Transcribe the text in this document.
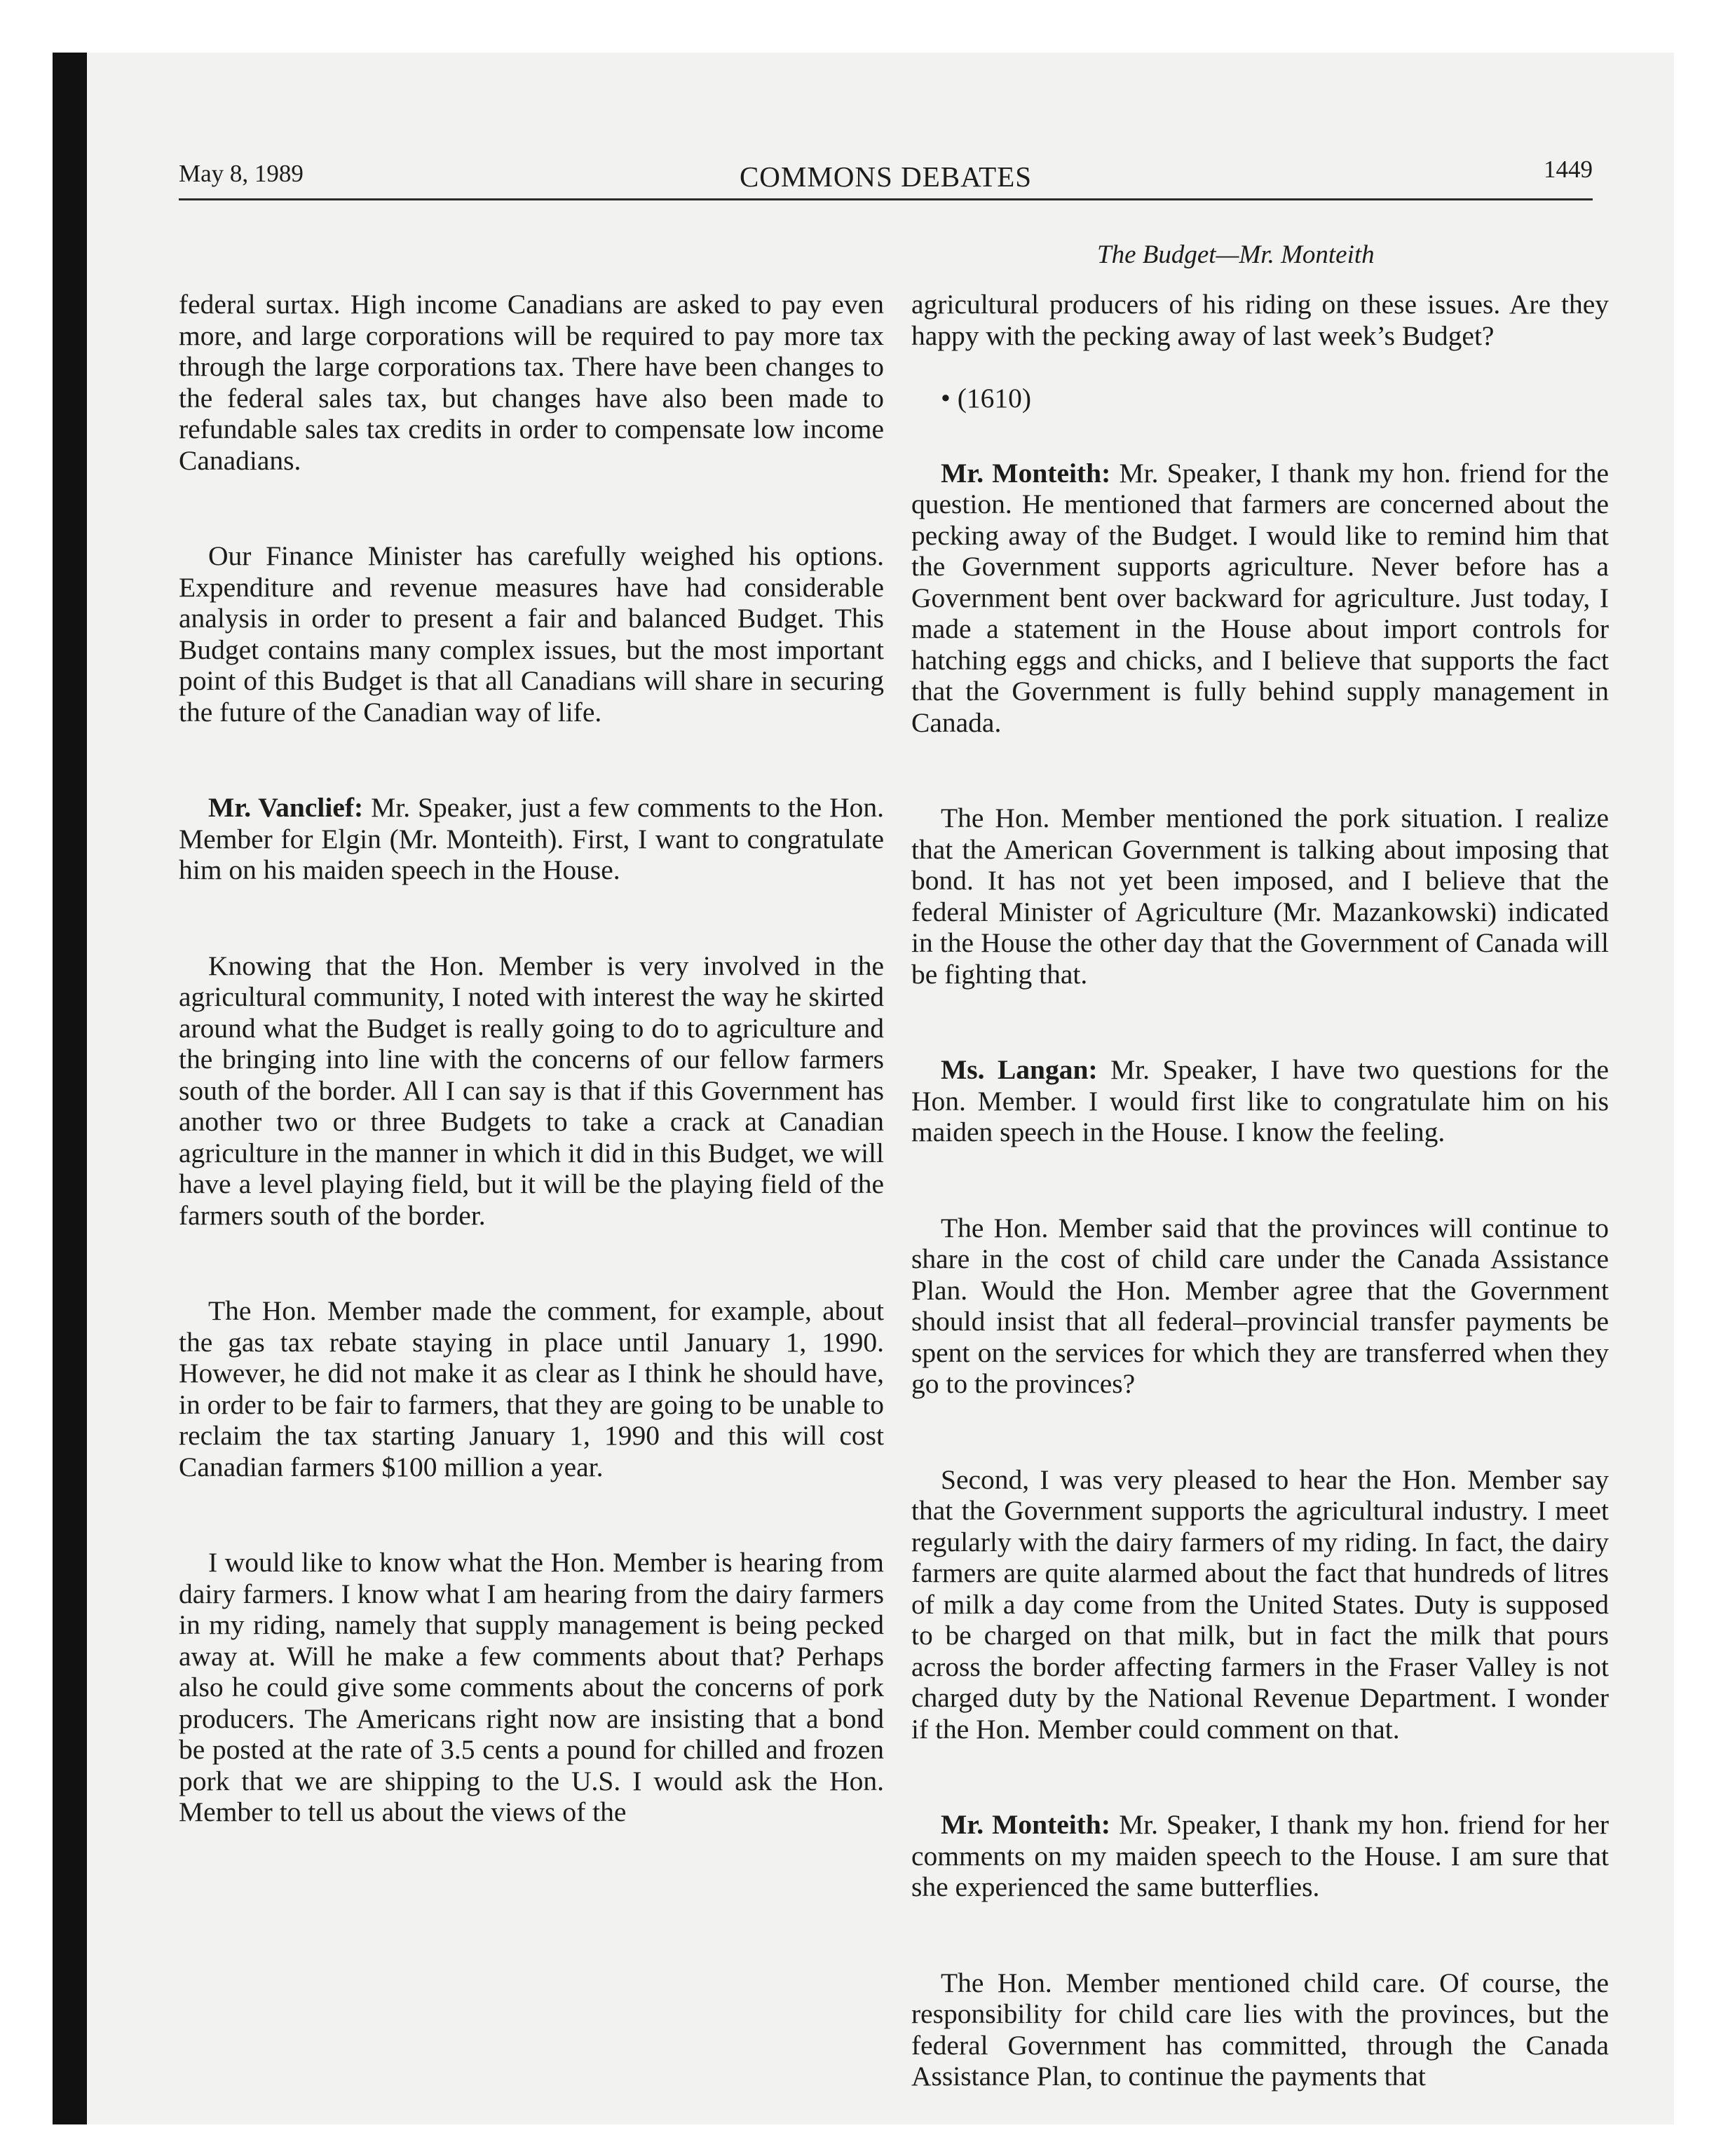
May 8, 1989	COMMONS DEBATES	1449
The Budget—Mr. Monteith

federal surtax. High income Canadians are asked to pay even more, and large corporations will be required to pay more tax through the large corporations tax. There have been changes to the federal sales tax, but changes have also been made to refundable sales tax credits in order to compensate low income Canadians.

Our Finance Minister has carefully weighed his options. Expenditure and revenue measures have had considerable analysis in order to present a fair and balanced Budget. This Budget contains many complex issues, but the most important point of this Budget is that all Canadians will share in securing the future of the Canadian way of life.

Mr. Vanclief: Mr. Speaker, just a few comments to the Hon. Member for Elgin (Mr. Monteith). First, I want to congratulate him on his maiden speech in the House.

Knowing that the Hon. Member is very involved in the agricultural community, I noted with interest the way he skirted around what the Budget is really going to do to agriculture and the bringing into line with the concerns of our fellow farmers south of the border. All I can say is that if this Government has another two or three Budgets to take a crack at Canadian agriculture in the manner in which it did in this Budget, we will have a level playing field, but it will be the playing field of the farmers south of the border.

The Hon. Member made the comment, for example, about the gas tax rebate staying in place until January 1, 1990. However, he did not make it as clear as I think he should have, in order to be fair to farmers, that they are going to be unable to reclaim the tax starting January 1, 1990 and this will cost Canadian farmers $100 million a year.

I would like to know what the Hon. Member is hearing from dairy farmers. I know what I am hearing from the dairy farmers in my riding, namely that supply management is being pecked away at. Will he make a few comments about that? Perhaps also he could give some comments about the concerns of pork producers. The Americans right now are insisting that a bond be posted at the rate of 3.5 cents a pound for chilled and frozen pork that we are shipping to the U.S. I would ask the Hon. Member to tell us about the views of the

agricultural producers of his riding on these issues. Are they happy with the pecking away of last week’s Budget?

• (1610)

Mr. Monteith: Mr. Speaker, I thank my hon. friend for the question. He mentioned that farmers are concerned about the pecking away of the Budget. I would like to remind him that the Government supports agriculture. Never before has a Government bent over backward for agriculture. Just today, I made a statement in the House about import controls for hatching eggs and chicks, and I believe that supports the fact that the Government is fully behind supply management in Canada.

The Hon. Member mentioned the pork situation. I realize that the American Government is talking about imposing that bond. It has not yet been imposed, and I believe that the federal Minister of Agriculture (Mr. Mazankowski) indicated in the House the other day that the Government of Canada will be fighting that.

Ms. Langan: Mr. Speaker, I have two questions for the Hon. Member. I would first like to congratulate him on his maiden speech in the House. I know the feeling.

The Hon. Member said that the provinces will continue to share in the cost of child care under the Canada Assistance Plan. Would the Hon. Member agree that the Government should insist that all federal–provincial transfer payments be spent on the services for which they are transferred when they go to the provinces?

Second, I was very pleased to hear the Hon. Member say that the Government supports the agricultural industry. I meet regularly with the dairy farmers of my riding. In fact, the dairy farmers are quite alarmed about the fact that hundreds of litres of milk a day come from the United States. Duty is supposed to be charged on that milk, but in fact the milk that pours across the border affecting farmers in the Fraser Valley is not charged duty by the National Revenue Department. I wonder if the Hon. Member could comment on that.

Mr. Monteith: Mr. Speaker, I thank my hon. friend for her comments on my maiden speech to the House. I am sure that she experienced the same butterflies.

The Hon. Member mentioned child care. Of course, the responsibility for child care lies with the provinces, but the federal Government has committed, through the Canada Assistance Plan, to continue the payments that
